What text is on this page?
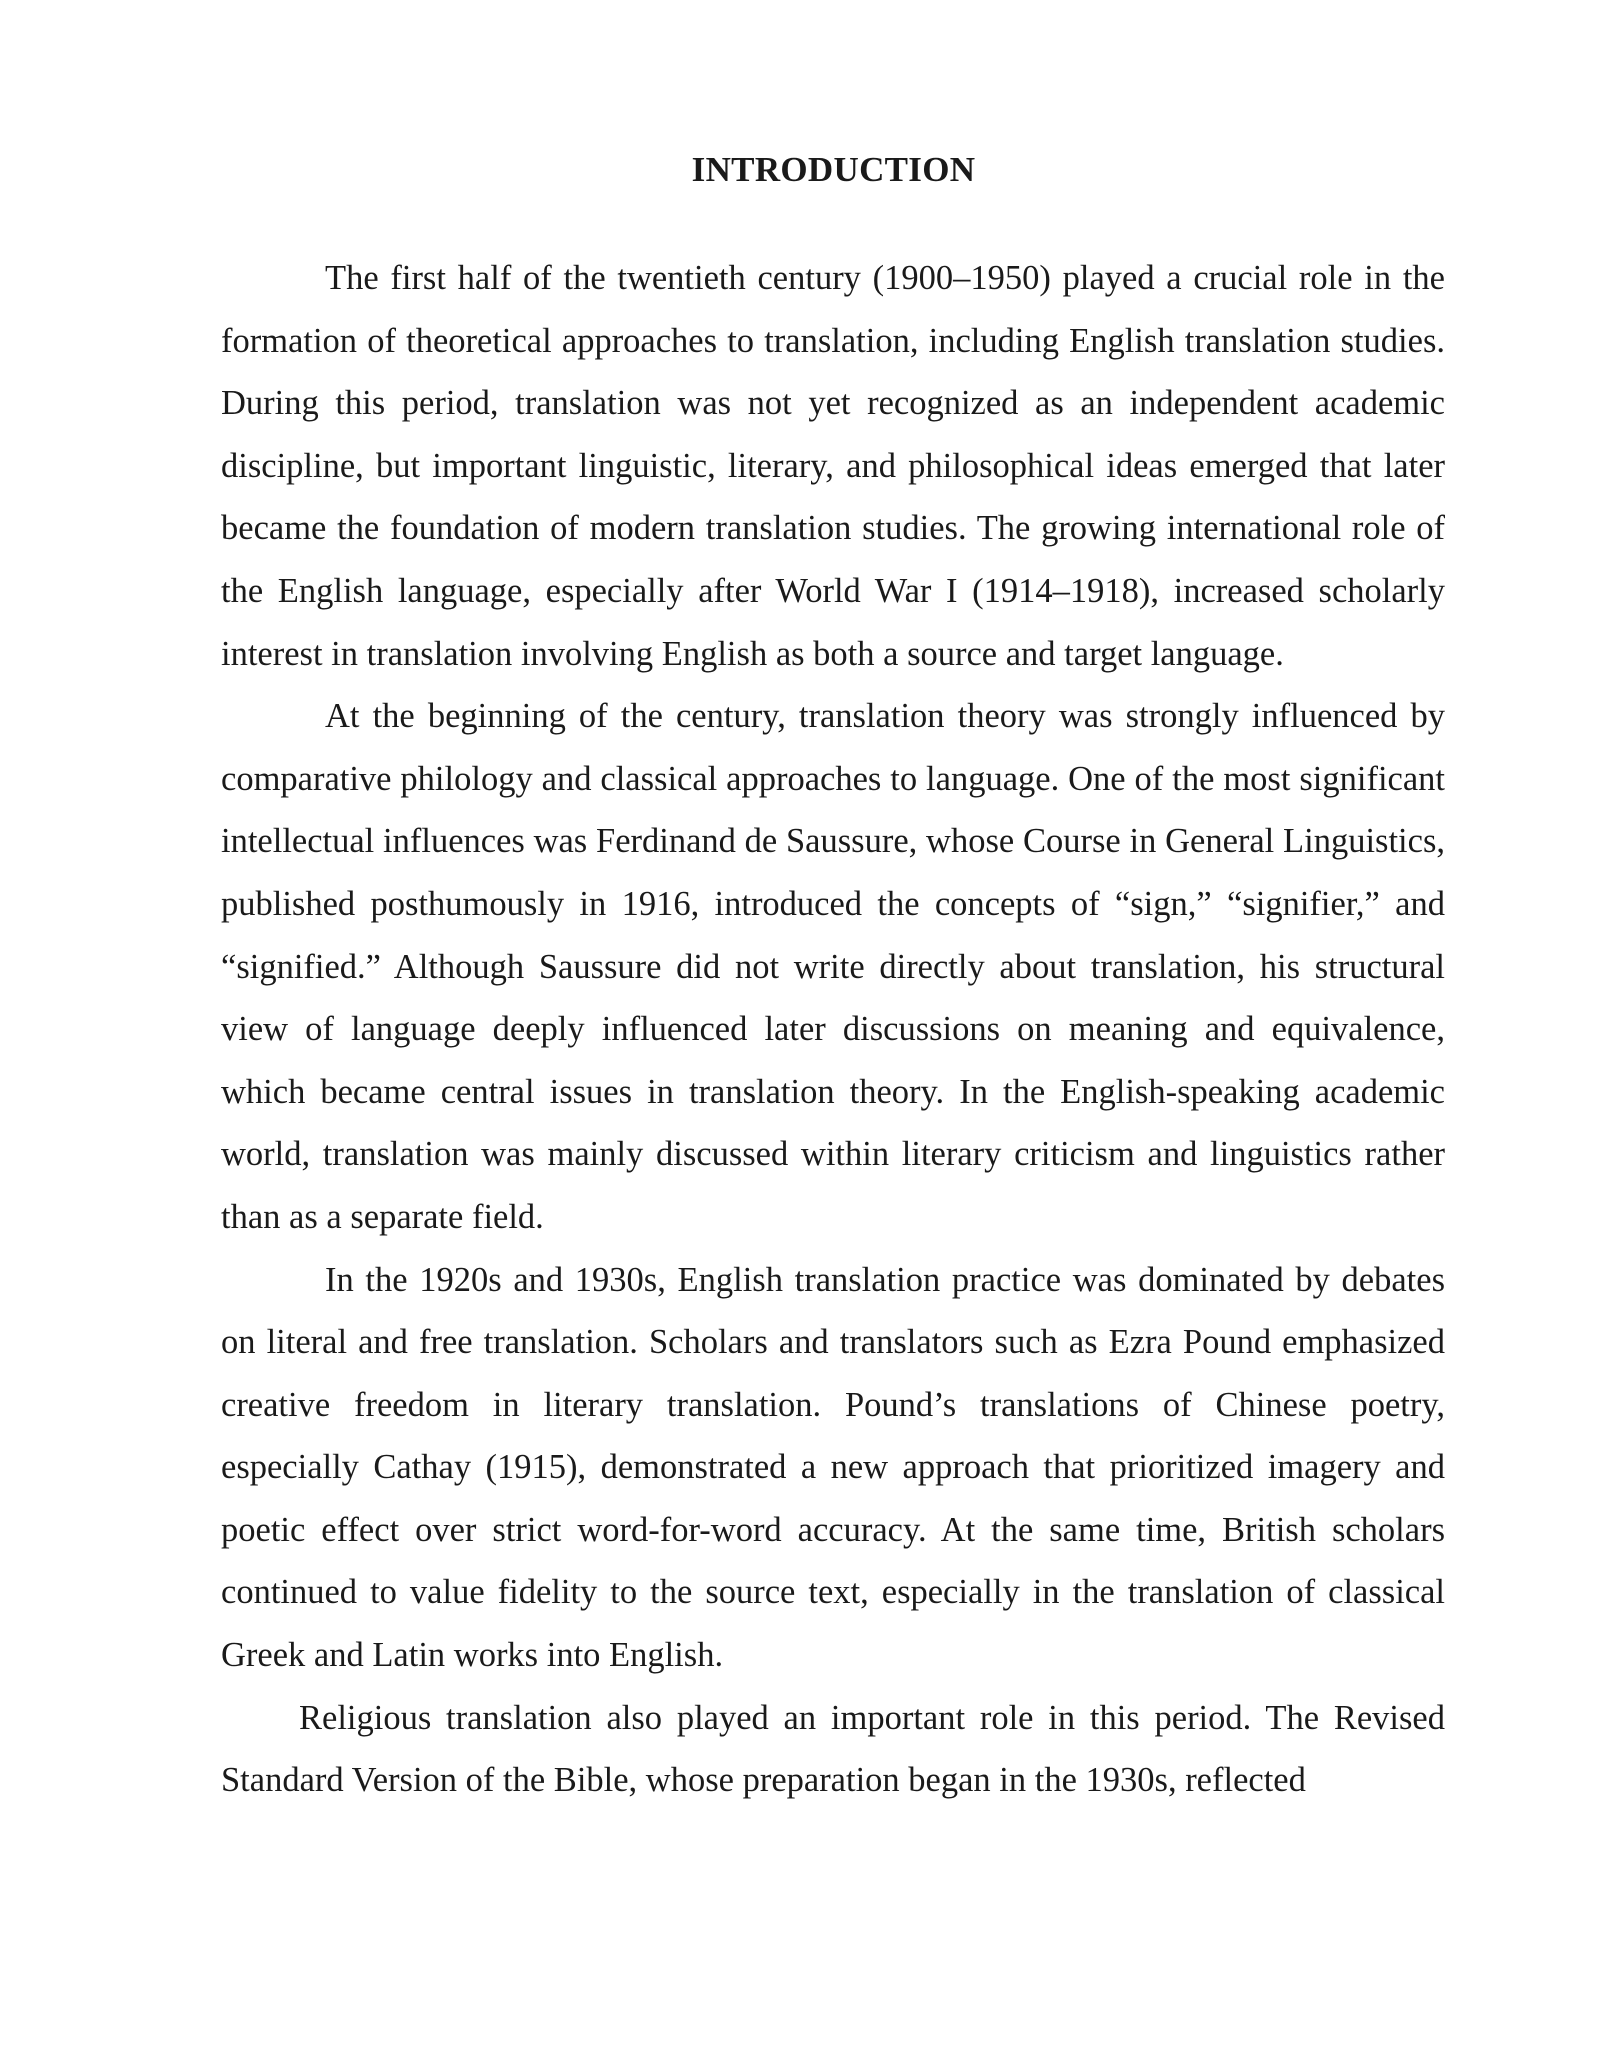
INTRODUCTION

The first half of the twentieth century (1900–1950) played a crucial role in the formation of theoretical approaches to translation, including English translation studies. During this period, translation was not yet recognized as an independent academic discipline, but important linguistic, literary, and philosophical ideas emerged that later became the foundation of modern translation studies. The growing international role of the English language, especially after World War I (1914–1918), increased scholarly interest in translation involving English as both a source and target language.

At the beginning of the century, translation theory was strongly influenced by comparative philology and classical approaches to language. One of the most significant intellectual influences was Ferdinand de Saussure, whose Course in General Linguistics, published posthumously in 1916, introduced the concepts of “sign,” “signifier,” and “signified.” Although Saussure did not write directly about translation, his structural view of language deeply influenced later discussions on meaning and equivalence, which became central issues in translation theory. In the English-speaking academic world, translation was mainly discussed within literary criticism and linguistics rather than as a separate field.

In the 1920s and 1930s, English translation practice was dominated by debates on literal and free translation. Scholars and translators such as Ezra Pound emphasized creative freedom in literary translation. Pound’s translations of Chinese poetry, especially Cathay (1915), demonstrated a new approach that prioritized imagery and poetic effect over strict word-for-word accuracy. At the same time, British scholars continued to value fidelity to the source text, especially in the translation of classical Greek and Latin works into English.

Religious translation also played an important role in this period. The Revised Standard Version of the Bible, whose preparation began in the 1930s, reflected
